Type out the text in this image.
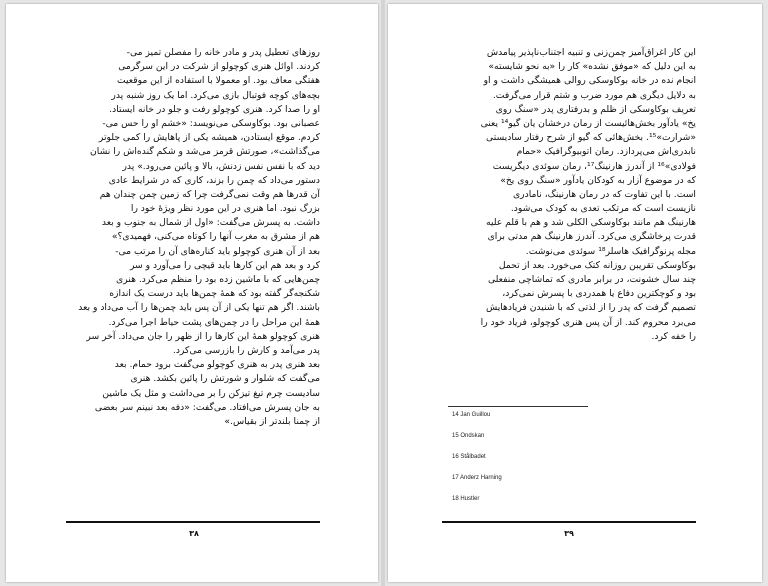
روزهای تعطیل پدر و مادر خانه را مفصلن تمیز می-
کردند. اوائل هنری کوچولو از شرکت در این سرگرمی
هفتگی معاف بود. او معمولا با استفاده از این موقعیت
بچه‌های کوچه فوتبال بازی می‌کرد. اما یک روز شنبه پدر
او را صدا کرد. هنری کوچولو رفت و جلو در خانه ایستاد.
عصبانی بود. بوکاوسکی می‌نویسد: «خشم او را حس می-
کردم. موقع ایستادن، همیشه یکی از پاهایش را کمی جلوتر
می‌گذاشت»، صورتش قرمز می‌شد و شکم گنده‌اش را نشان
دید که با نفس نفس زدنش، بالا و پائین می‌رود.» پدر
دستور می‌داد که چمن را بزند، کاری که در شرایط عادی
آن قدرها هم وقت نمی‌گرفت چرا که زمین چمن چندان هم
بزرگ نبود. اما هنری در این مورد نظر ویژهٔ خود را
داشت. به پسرش می‌گفت: «اول از شمال به جنوب و بعد
هم از مشرق به مغرب آنها را کوتاه می‌کنی، فهمیدی؟»
بعد از آن هنری کوچولو باید کناره‌های آن را مرتب می-
کرد و بعد هم این کارها باید قیچی را می‌آورد و سر
چمن‌هایی که با ماشین زده بود را منظم می‌کرد. هنری
شکنجه‌گر گفته بود که همهٔ چمن‌ها باید درست یک اندازه
باشند. اگر هم تنها یکی از آن پس باید چمن‌ها را آب می‌داد و بعد
همهٔ این مراحل را در چمن‌های پشت حیاط اجرا می‌کرد.
هنری کوچولو همهٔ این کارها را از ظهر را جان می‌داد. آخر سر
پدر می‌آمد و کارش را بازرسی می‌کرد.
بعد هنری پدر به هنری کوچولو می‌گفت برود حمام. بعد
می‌گفت که شلوار و شورتش را پائین بکشد. هنری
سادیست چرم تیغ تیزکن را بر می‌داشت و مثل یک ماشین
به جان پسرش می‌افتاد. می‌گفت: «دفه بعد نبینم سر بعضی
از چمنا بلندتر از بقیاس.»
۳۸
این کار اغراق‌آمیز چمن‌زنی و تنبیه اجتناب‌ناپذیر پیامدش
به این دلیل که «موفق نشده» کار را «به نحو شایسته»
انجام نده در خانه بوکاوسکی روالی همیشگی داشت و او
به دلایل دیگری هم مورد ضرب و شتم قرار می‌گرفت.
تعریف بوکاوسکی از ظلم و بدرفتاری پدر «سنگ روی
یخ» یادآور بخش‌هائیست از رمان درخشان یان گیو¹⁴ یعنی
«شرارت»¹⁵. بخش‌هائی که گیو از شرح رفتار سادیستی
نابدری‌اش می‌پردازد. رمان اتوبیوگرافیک «حمام
فولادی»¹⁶ از آندرز هارنینگ¹⁷، رمان سوئدی دیگریست
که در موضوع آزار به کودکان یادآور «سنگ روی یخ»
است. با این تفاوت که در رمان هارنینگ، نامادری
نازیست است که مرتکب تعدی به کودک می‌شود.
هارنینگ هم مانند بوکاوسکی الکلی شد و هم با قلم علیه
قدرت پرخاشگری می‌کرد. آندرز هارنینگ هم مدتی برای
مجله پرنوگرافیک هاسلر¹⁸ سوئدی می‌نوشت.
بوکاوسکی تقریبن روزانه کتک می‌خورد. بعد از تحمل
چند سال خشونت، در برابر مادری که تماشاچی منفعلی
بود و کوچکترین دفاع یا همدردی با پسرش نمی‌کرد،
تصمیم گرفت که پدر را از لذتی که با شنیدن فریادهایش
می‌برد محروم کند. از آن پس هنری کوچولو، فریاد خود را
را خفه کرد.
14 Jan Guillou
15 Ondskan
16 Stålbadet
17 Anderz Harning
18 Hustler
۳۹
